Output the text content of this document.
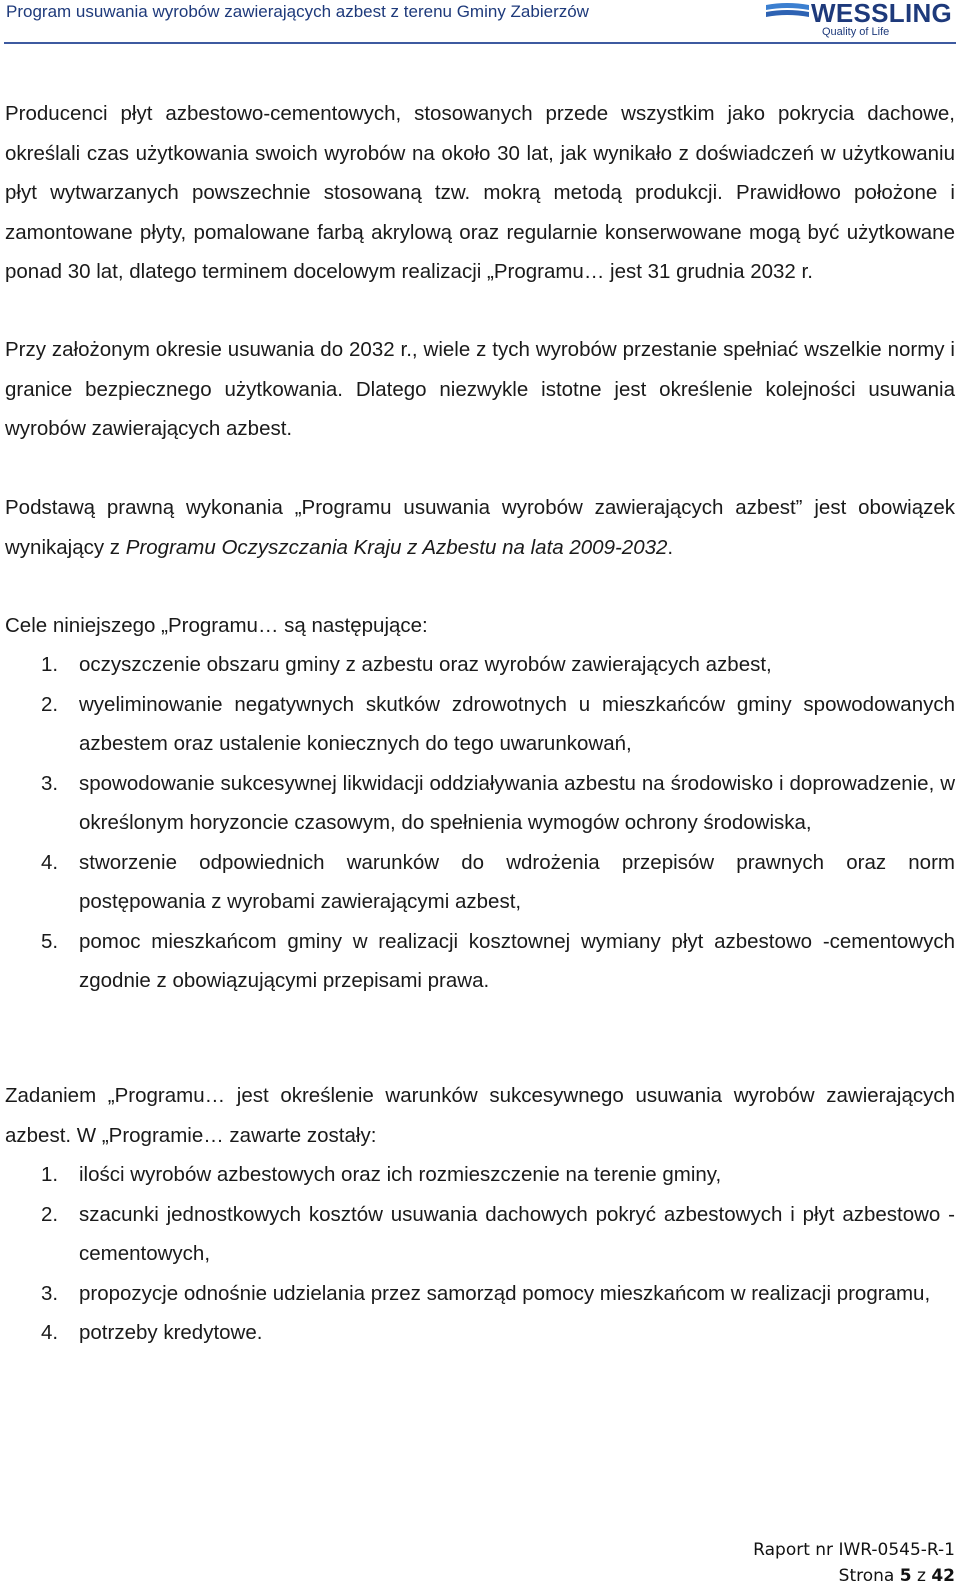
Program usuwania wyrobów zawierających azbest z terenu Gminy Zabierzów	WESSLING
Quality of Life

Producenci płyt azbestowo-cementowych, stosowanych przede wszystkim jako pokrycia dachowe, określali czas użytkowania swoich wyrobów na około 30 lat, jak wynikało z doświadczeń w użytkowaniu płyt wytwarzanych powszechnie stosowaną tzw. mokrą metodą produkcji. Prawidłowo położone i zamontowane płyty, pomalowane farbą akrylową oraz regularnie konserwowane mogą być użytkowane ponad 30 lat, dlatego terminem docelowym realizacji „Programu… jest 31 grudnia 2032 r.

Przy założonym okresie usuwania do 2032 r., wiele z tych wyrobów przestanie spełniać wszelkie normy i granice bezpiecznego użytkowania. Dlatego niezwykle istotne jest określenie kolejności usuwania wyrobów zawierających azbest.

Podstawą prawną wykonania „Programu usuwania wyrobów zawierających azbest” jest obowiązek wynikający z Programu Oczyszczania Kraju z Azbestu na lata 2009-2032.

Cele niniejszego „Programu… są następujące:

1. oczyszczenie obszaru gminy z azbestu oraz wyrobów zawierających azbest,
2. wyeliminowanie negatywnych skutków zdrowotnych u mieszkańców gminy spowodowanych azbestem oraz ustalenie koniecznych do tego uwarunkowań,
3. spowodowanie sukcesywnej likwidacji oddziaływania azbestu na środowisko i doprowadzenie, w określonym horyzoncie czasowym, do spełnienia wymogów ochrony środowiska,
4. stworzenie odpowiednich warunków do wdrożenia przepisów prawnych oraz norm postępowania z wyrobami zawierającymi azbest,
5. pomoc mieszkańcom gminy w realizacji kosztownej wymiany płyt azbestowo -cementowych zgodnie z obowiązującymi przepisami prawa.

Zadaniem „Programu… jest określenie warunków sukcesywnego usuwania wyrobów zawierających azbest. W „Programie… zawarte zostały:

1. ilości wyrobów azbestowych oraz ich rozmieszczenie na terenie gminy,
2. szacunki jednostkowych kosztów usuwania dachowych pokryć azbestowych i płyt azbestowo -cementowych,
3. propozycje odnośnie udzielania przez samorząd pomocy mieszkańcom w realizacji programu,
4. potrzeby kredytowe.
Raport nr IWR-0545-R-1
Strona 5 z 42
